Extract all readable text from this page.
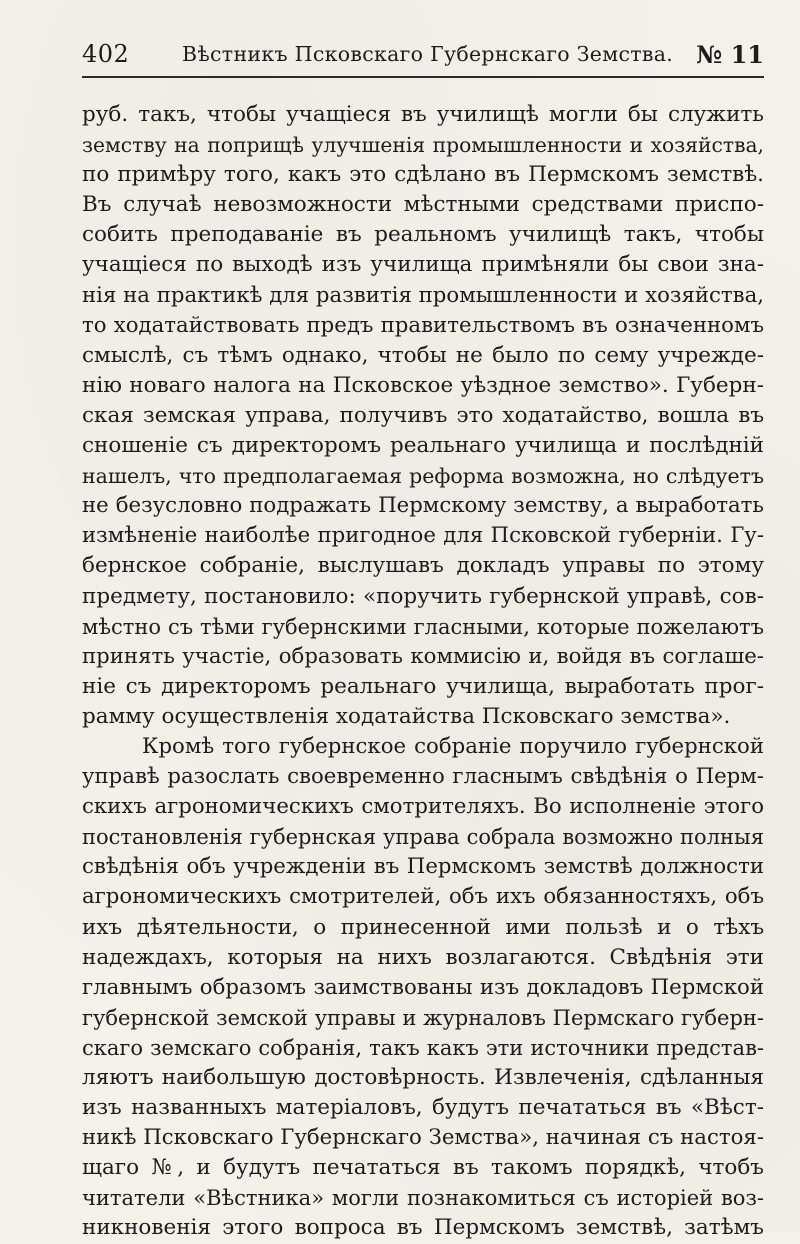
402	Вѣстникъ Псковскаго Губернскаго Земства. № 11
руб. такъ, чтобы учащіеся въ училищѣ могли бы служить
земству на поприщѣ улучшенія промышленности и хозяйства,
по примѣру того, какъ это сдѣлано въ Пермскомъ земствѣ.
Въ случаѣ невозможности мѣстными средствами приспо-
собить преподаваніе въ реальномъ училищѣ такъ, чтобы
учащіеся по выходѣ изъ училища примѣняли бы свои зна-
нія на практикѣ для развитія промышленности и хозяйства,
то ходатайствовать предъ правительствомъ въ означенномъ
смыслѣ, съ тѣмъ однако, чтобы не было по сему учрежде-
нію новаго налога на Псковское уѣздное земство». Губерн-
ская земская управа, получивъ это ходатайство, вошла въ
сношеніе съ директоромъ реальнаго училища и послѣдній
нашелъ, что предполагаемая реформа возможна, но слѣдуетъ
не безусловно подражать Пермскому земству, а выработать
измѣненіе наиболѣе пригодное для Псковской губерніи. Гу-
бернское собраніе, выслушавъ докладъ управы по этому
предмету, постановило: «поручить губернской управѣ, сов-
мѣстно съ тѣми губернскими гласными, которые пожелаютъ
принять участіе, образовать коммисію и, войдя въ соглаше-
ніе съ директоромъ реальнаго училища, выработать прог-
рамму осуществленія ходатайства Псковскаго земства».
Кромѣ того губернское собраніе поручило губернской
управѣ разослать своевременно гласнымъ свѣдѣнія о Перм-
скихъ агрономическихъ смотрителяхъ. Во исполненіе этого
постановленія губернская управа собрала возможно полныя
свѣдѣнія объ учрежденіи въ Пермскомъ земствѣ должности
агрономическихъ смотрителей, объ ихъ обязанностяхъ, объ
ихъ дѣятельности, о принесенной ими пользѣ и о тѣхъ
надеждахъ, которыя на нихъ возлагаются. Свѣдѣнія эти
главнымъ образомъ заимствованы изъ докладовъ Пермской
губернской земской управы и журналовъ Пермскаго губерн-
скаго земскаго собранія, такъ какъ эти источники представ-
ляютъ наибольшую достовѣрность. Извлеченія, сдѣланныя
изъ названныхъ матеріаловъ, будутъ печататься въ «Вѣст-
никѣ Псковскаго Губернскаго Земства», начиная съ настоя-
щаго №, и будутъ печататься въ такомъ порядкѣ, чтобъ
читатели «Вѣстника» могли познакомиться съ исторіей воз-
никновенія этого вопроса въ Пермскомъ земствѣ, затѣмъ
